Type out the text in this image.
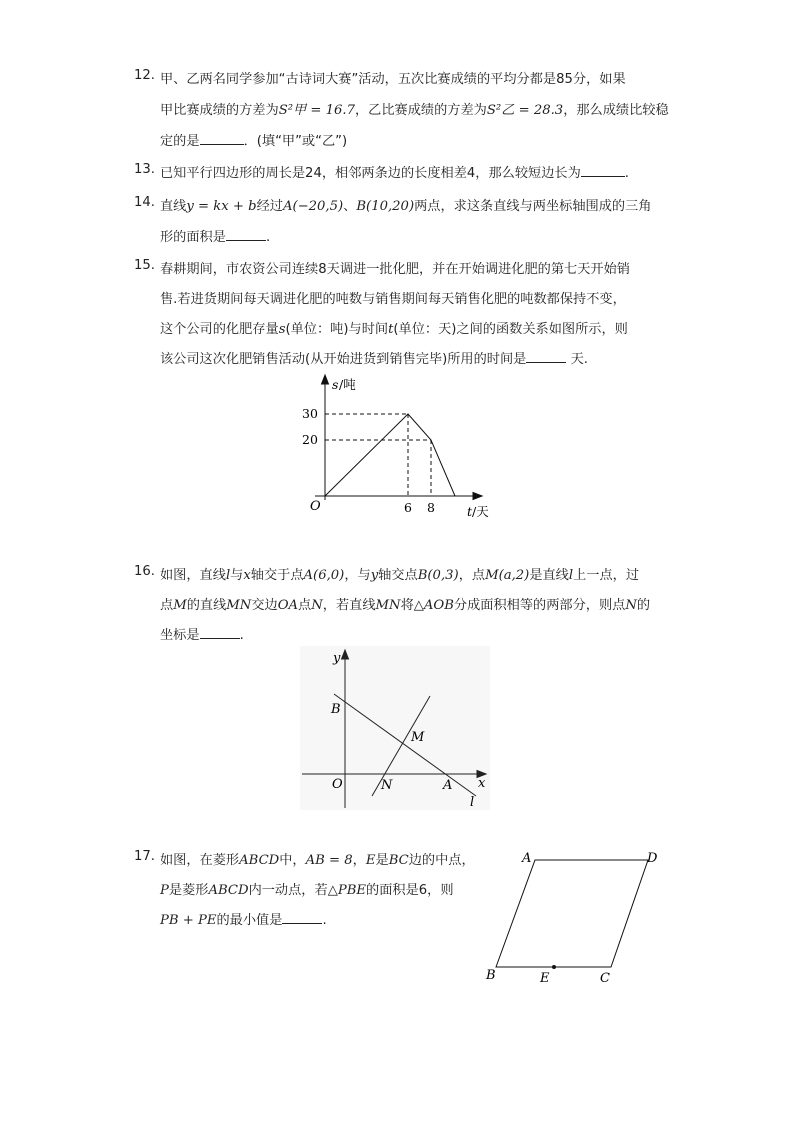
12. 甲、乙两名同学参加“古诗词大赛”活动，五次比赛成绩的平均分都是85分，如果
甲比赛成绩的方差为S²甲 = 16.7，乙比赛成绩的方差为S²乙 = 28.3，那么成绩比较稳
定的是	．(填“甲”或“乙”)
13. 已知平行四边形的周长是24，相邻两条边的长度相差4，那么较短边长为	.
14. 直线y = kx + b经过A(−20,5)、B(10,20)两点，求这条直线与两坐标轴围成的三角
形的面积是	.
15. 春耕期间，市农资公司连续8天调进一批化肥，并在开始调进化肥的第七天开始销
售.若进货期间每天调进化肥的吨数与销售期间每天销售化肥的吨数都保持不变，
这个公司的化肥存量s(单位：吨)与时间t(单位：天)之间的函数关系如图所示，则
该公司这次化肥销售活动(从开始进货到销售完毕)所用的时间是	天.
s /吨
30
20
O	6 8	t /天
16. 如图，直线l与x轴交于点A(6,0)，与y轴交点B(0,3)，点M(a,2)是直线l上一点，过
点M的直线MN交边OA点N，若直线MN将△AOB分成面积相等的两部分，则点N的
坐标是	.
y
x
O
B
M
N	A
l
17. 如图，在菱形ABCD中，AB = 8，E是BC边的中点，
P是菱形ABCD内一动点，若△PBE的面积是6，则
PB + PE的最小值是	.
A	D
B	E	C
